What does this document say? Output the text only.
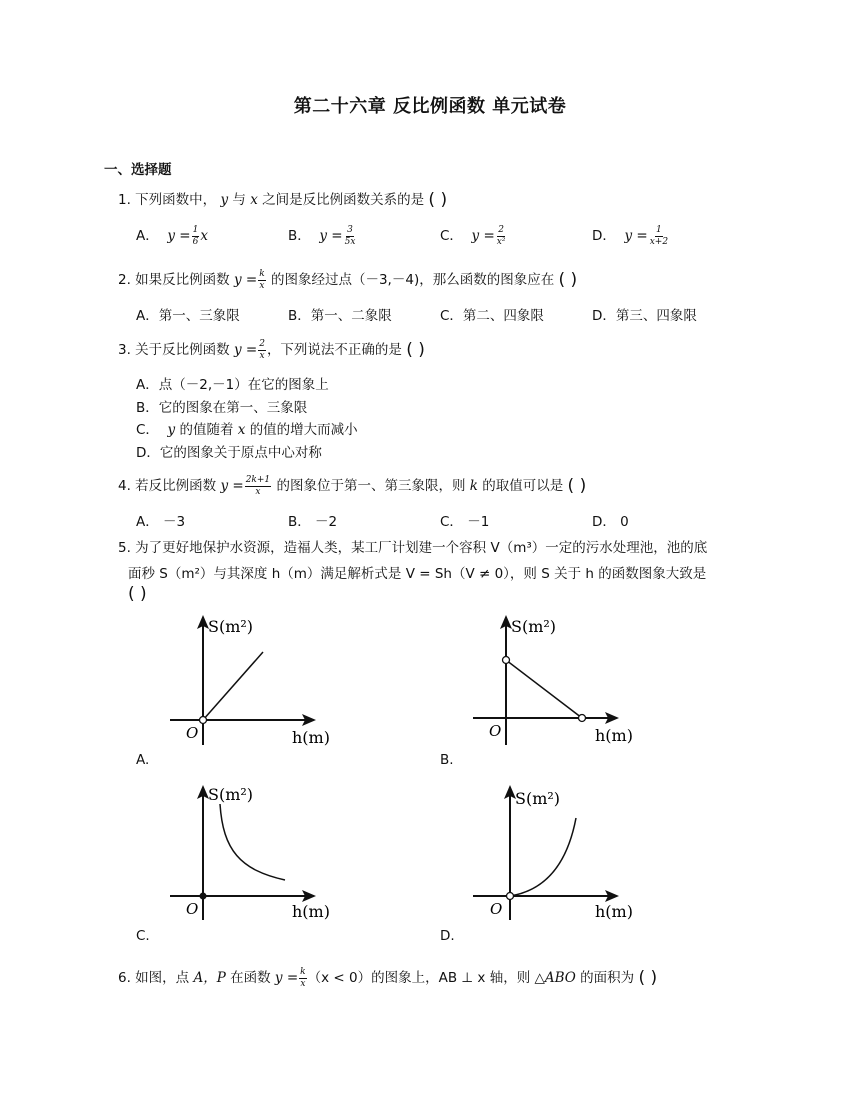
第二十六章 反比例函数 单元试卷
一、选择题
1. 下列函数中， y 与 x 之间是反比例函数关系的是 ( )
A． $y = \frac{1}{6}$ x	B． $y = \frac{3}{5x}$	C． $y = \frac{2}{\text{x²}}$	D． $y = \frac{1}{x+2}$
2. 如果反比例函数 $y = \frac{k}{x}$ 的图象经过点（－3,－4)，那么函数的图象应在 ( )
A．第一、三象限	B．第一、二象限	C．第二、四象限	D．第三、四象限
3. 关于反比例函数 $y = \frac{2}{x}$ ，下列说法不正确的是 ( )
A．点（－2,－1）在它的图象上
B．它的图象在第一、三象限
C． y 的值随着 x 的值的增大而减小
D．它的图象关于原点中心对称
4. 若反比例函数 $y = \frac{2k+1}{x}$ 的图象位于第一、第三象限，则 k 的取值可以是 ( )
A． －3	B． －2	C． －1	D． 0
5. 为了更好地保护水资源，造福人类，某工厂计划建一个容积 V（m³）一定的污水处理池，池的底
面秒 S（m²）与其深度 h（m）满足解析式是 V = Sh（V ≠ 0），则 S 关于 h 的函数图象大致是
( )
S(m²)
h(m)
O
A.
S(m²)
h(m)
O
B.
S(m²)
h(m)
O
C.
S(m²)
h(m)
O
D.
6. 如图，点 A，P 在函数 $y = \frac{k}{x} (x < 0)$的图象上，AB ⊥ x 轴，则 △ABO 的面积为 ( )
